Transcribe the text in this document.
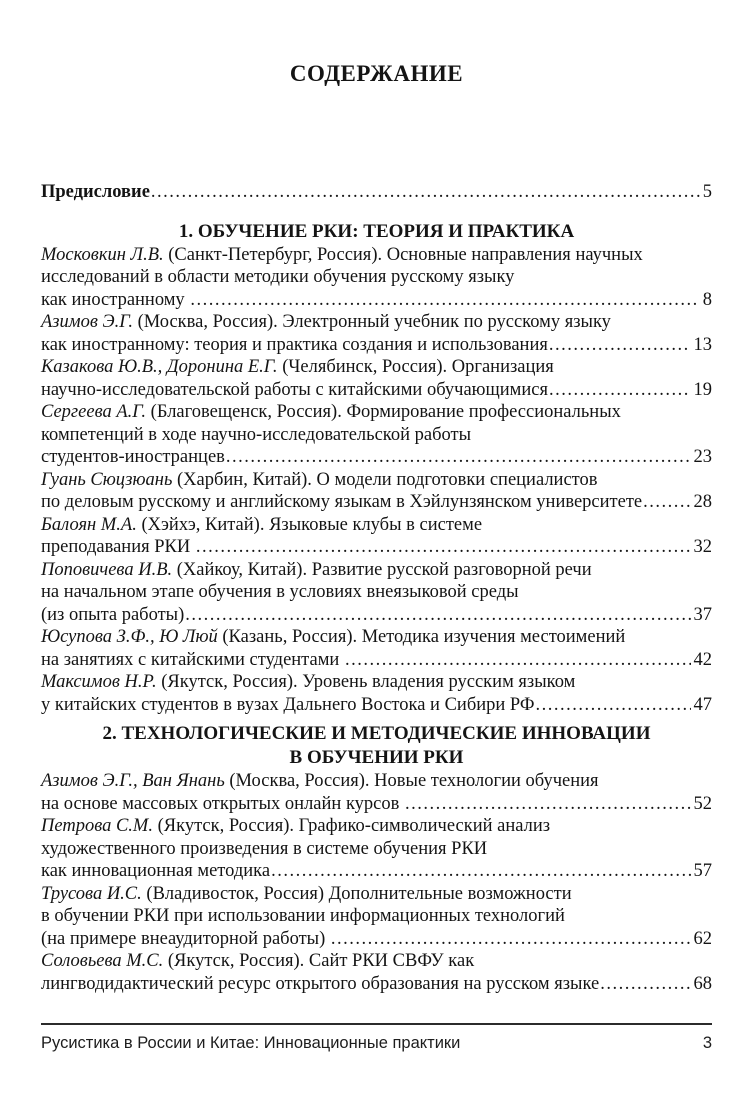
СОДЕРЖАНИЕ
Предисловие .....	5
1. ОБУЧЕНИЕ РКИ: ТЕОРИЯ И ПРАКТИКА
Московкин Л.В. (Санкт-Петербург, Россия). Основные направления научных
исследований в области методики обучения русскому языку
как иностранному .....	8
Азимов Э.Г. (Москва, Россия). Электронный учебник по русскому языку
как иностранному: теория и практика создания и использования .....	13
Казакова Ю.В., Доронина Е.Г. (Челябинск, Россия). Организация
научно-исследовательской работы с китайскими обучающимися .....	19
Сергеева А.Г. (Благовещенск, Россия). Формирование профессиональных
компетенций в ходе научно-исследовательской работы
студентов-иностранцев .....	23
Гуань Сюцзюань (Харбин, Китай). О модели подготовки специалистов
по деловым русскому и английскому языкам в Хэйлунзянском университете .....	28
Балоян М.А. (Хэйхэ, Китай). Языковые клубы в системе
преподавания РКИ .....	32
Поповичева И.В. (Хайкоу, Китай). Развитие русской разговорной речи
на начальном этапе обучения в условиях внеязыковой среды
(из опыта работы) .....	37
Юсупова З.Ф., Ю Люй (Казань, Россия). Методика изучения местоимений
на занятиях с китайскими студентами .....	42
Максимов Н.Р. (Якутск, Россия). Уровень владения русским языком
у китайских студентов в вузах Дальнего Востока и Сибири РФ .....	47
2. ТЕХНОЛОГИЧЕСКИЕ И МЕТОДИЧЕСКИЕ ИННОВАЦИИ
В ОБУЧЕНИИ РКИ
Азимов Э.Г., Ван Янань (Москва, Россия). Новые технологии обучения
на основе массовых открытых онлайн курсов .....	52
Петрова С.М. (Якутск, Россия). Графико-символический анализ
художественного произведения в системе обучения РКИ
как инновационная методика .....	57
Трусова И.С. (Владивосток, Россия) Дополнительные возможности
в обучении РКИ при использовании информационных технологий
(на примере внеаудиторной работы) .....	62
Соловьева М.С. (Якутск, Россия). Сайт РКИ СВФУ как
лингводидактический ресурс открытого образования на русском языке .....	68
Русистика в России и Китае: Инновационные практики	3
